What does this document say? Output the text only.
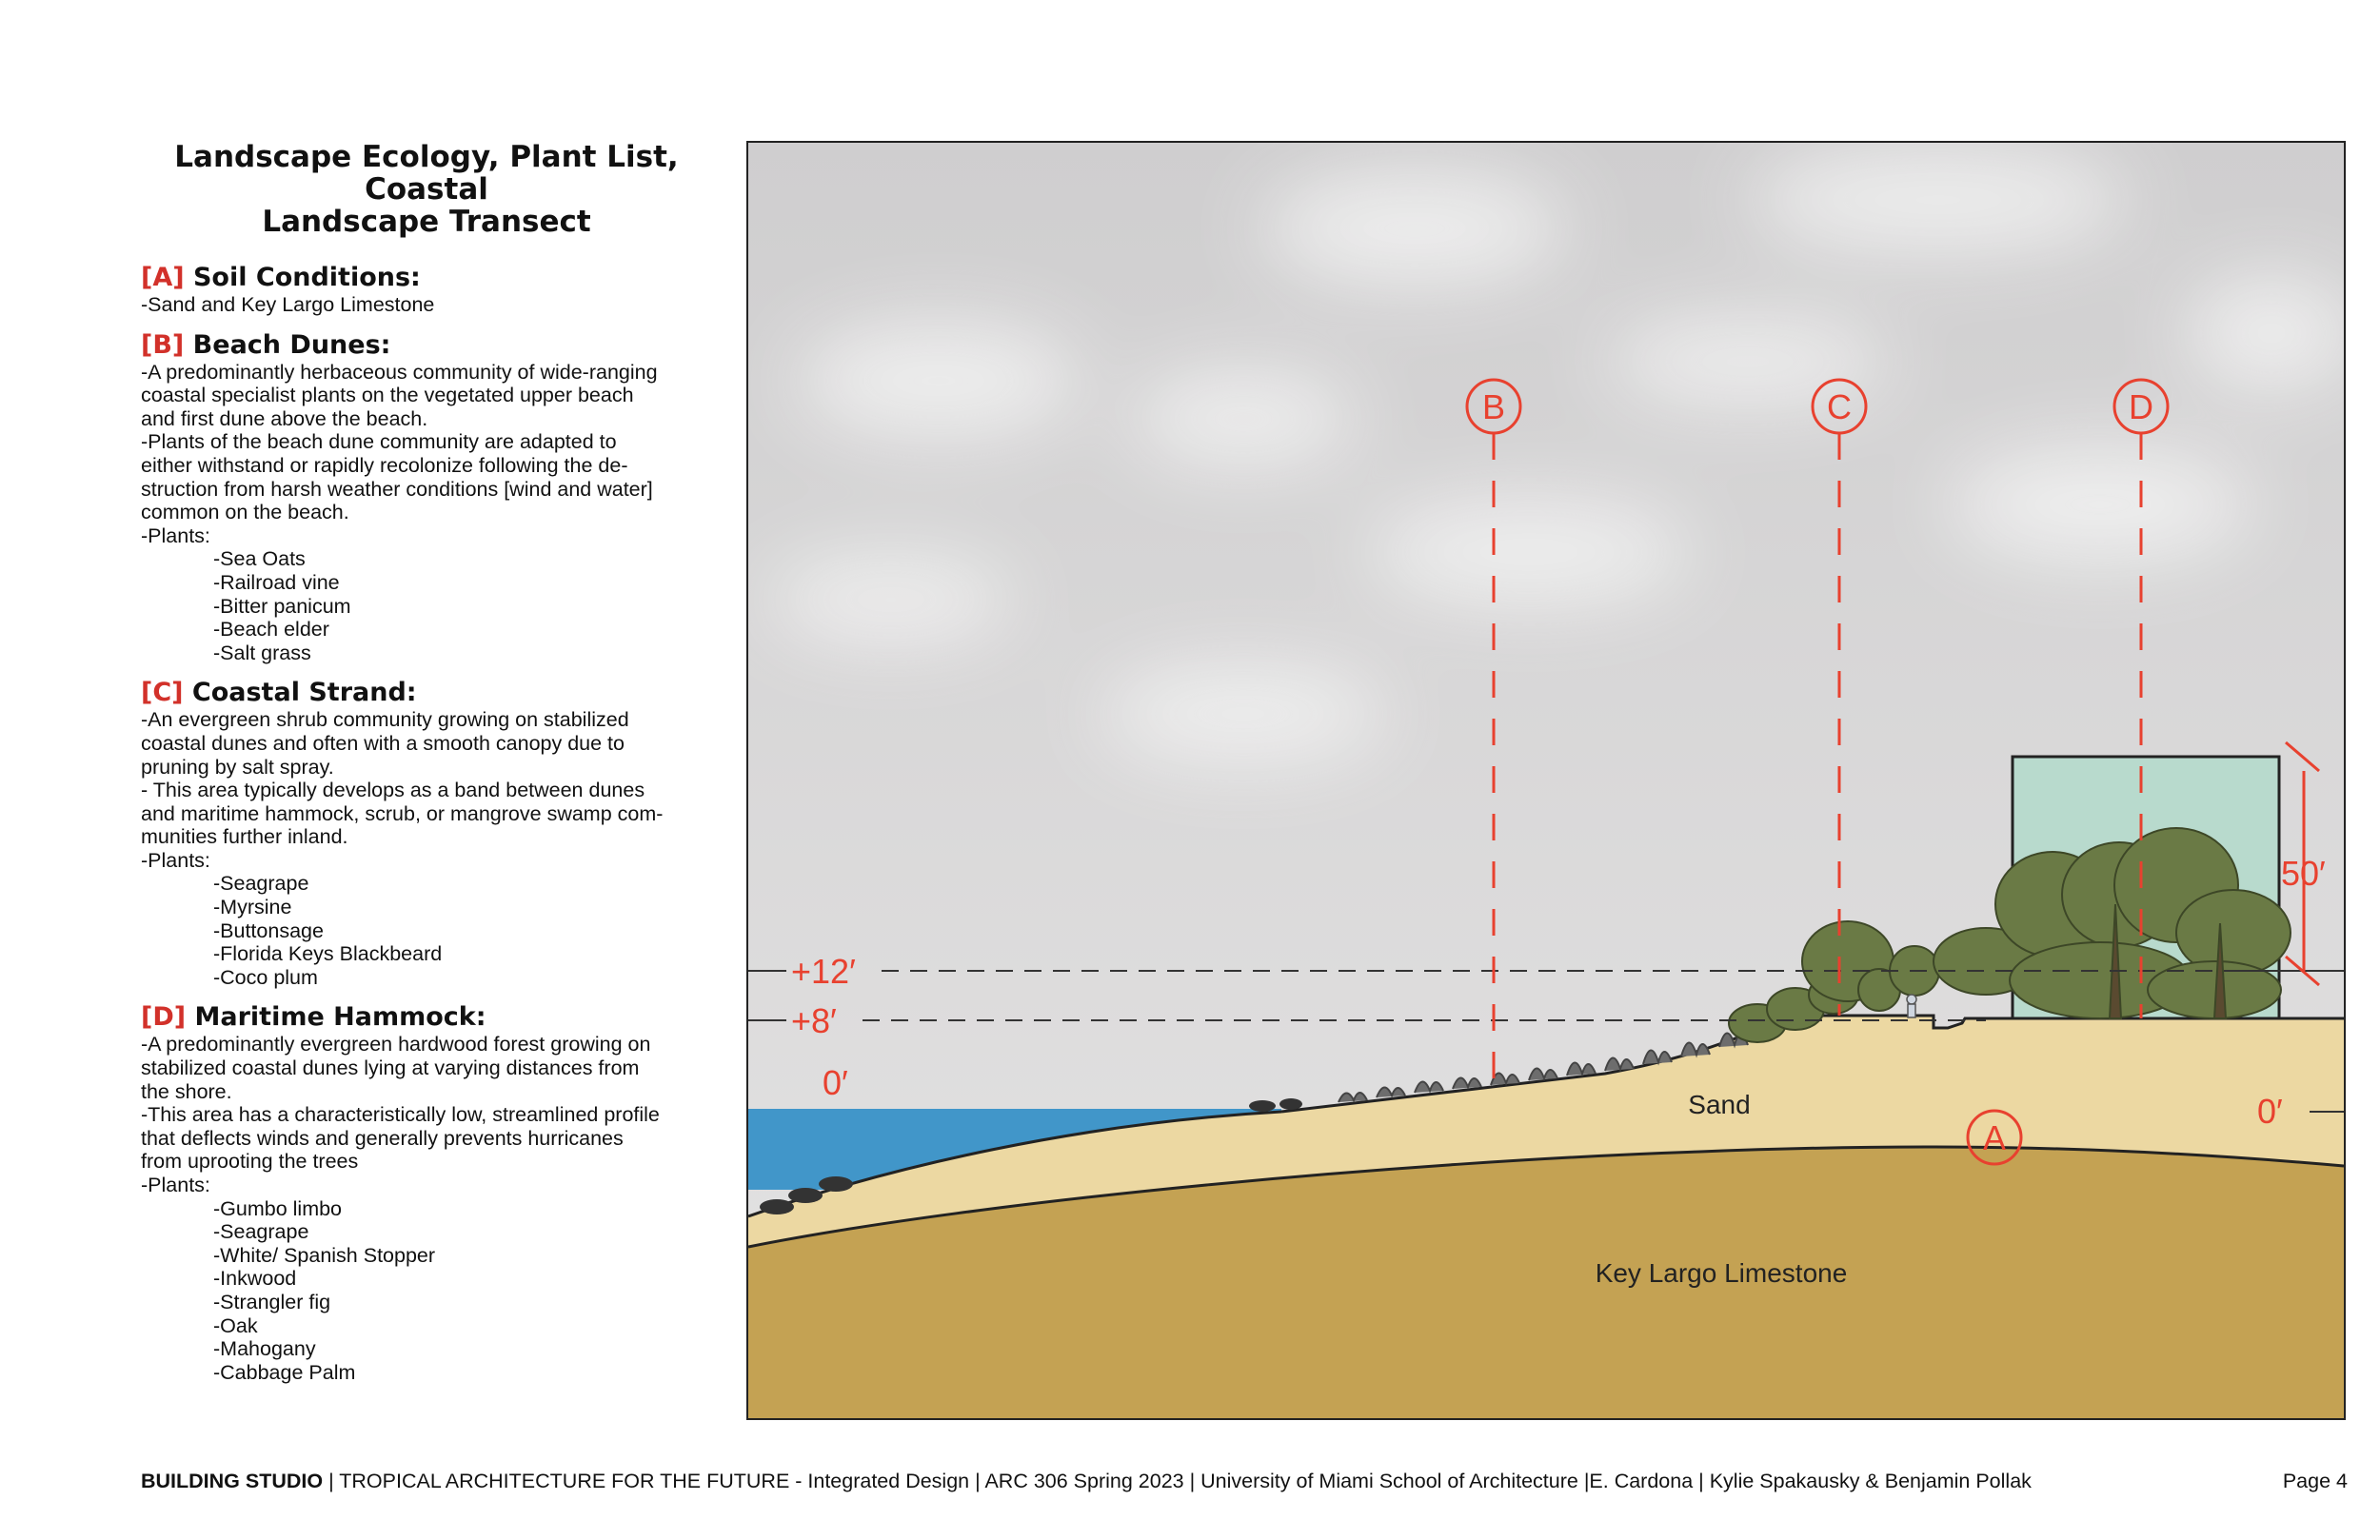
Landscape Ecology, Plant List, Coastal
Landscape Transect

[A] Soil Conditions:

-Sand and Key Largo Limestone

[B] Beach Dunes:

-A predominantly herbaceous community of wide-ranging
coastal specialist plants on the vegetated upper beach
and first dune above the beach.
-Plants of the beach dune community are adapted to
either withstand or rapidly recolonize following the de-
struction from harsh weather conditions [wind and water]
common on the beach.
-Plants:

-Sea Oats
-Railroad vine
-Bitter panicum
-Beach elder
-Salt grass

[C] Coastal Strand:

-An evergreen shrub community growing on stabilized
coastal dunes and often with a smooth canopy due to
pruning by salt spray.
- This area typically develops as a band between dunes
and maritime hammock, scrub, or mangrove swamp com-
munities further inland.
-Plants:

-Seagrape
-Myrsine
-Buttonsage
-Florida Keys Blackbeard
-Coco plum

[D] Maritime Hammock:

-A predominantly evergreen hardwood forest growing on
stabilized coastal dunes lying at varying distances from
the shore.
-This area has a characteristically low, streamlined profile
that deflects winds and generally prevents hurricanes
from uprooting the trees
-Plants:

-Gumbo limbo
-Seagrape
-White/ Spanish Stopper
-Inkwood
-Strangler fig
-Oak
-Mahogany
-Cabbage Palm
+12′
+8′
0′
0′
50′
B	C	D
A
Sand
Key Largo Limestone
BUILDING STUDIO | TROPICAL ARCHITECTURE FOR THE FUTURE - Integrated Design | ARC 306 Spring 2023 | University of Miami School of Architecture |E. Cardona | Kylie Spakausky & Benjamin Pollak	Page 4
